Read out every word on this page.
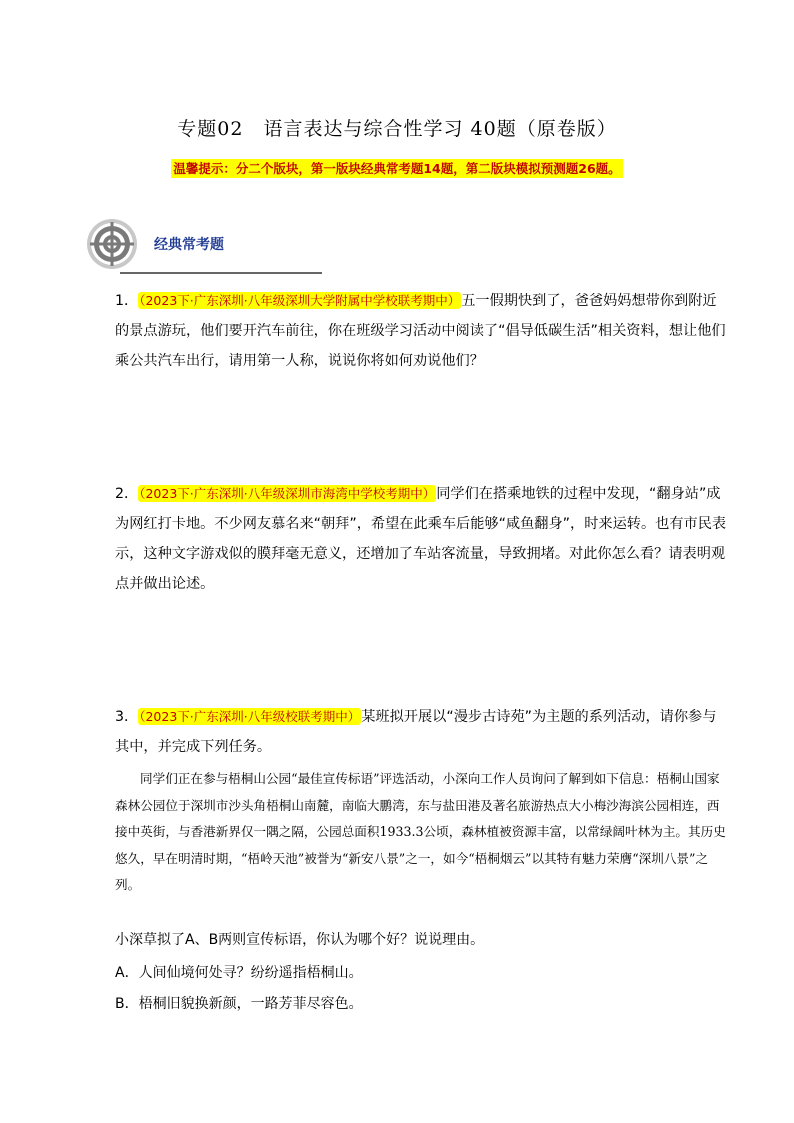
专题02　语言表达与综合性学习 40题（原卷版）
温馨提示：分二个版块，第一版块经典常考题14题，第二版块模拟预测题26题。
经典常考题
1．（2023下·广东深圳·八年级深圳大学附属中学校联考期中）五一假期快到了，爸爸妈妈想带你到附近的景点游玩，他们要开汽车前往，你在班级学习活动中阅读了“倡导低碳生活”相关资料，想让他们乘公共汽车出行，请用第一人称，说说你将如何劝说他们？
2．（2023下·广东深圳·八年级深圳市海湾中学校考期中）同学们在搭乘地铁的过程中发现，“翻身站”成为网红打卡地。不少网友慕名来“朝拜”，希望在此乘车后能够“咸鱼翻身”，时来运转。也有市民表示，这种文字游戏似的膜拜毫无意义，还增加了车站客流量，导致拥堵。对此你怎么看？请表明观点并做出论述。
3．（2023下·广东深圳·八年级校联考期中）某班拟开展以“漫步古诗苑”为主题的系列活动，请你参与其中，并完成下列任务。
同学们正在参与梧桐山公园“最佳宣传标语”评选活动，小深向工作人员询问了解到如下信息：梧桐山国家森林公园位于深圳市沙头角梧桐山南麓，南临大鹏湾，东与盐田港及著名旅游热点大小梅沙海滨公园相连，西接中英街，与香港新界仅一隅之隔，公园总面积1933.3公顷，森林植被资源丰富，以常绿阔叶林为主。其历史悠久，早在明清时期，“梧岭天池”被誉为“新安八景”之一，如今“梧桐烟云”以其特有魅力荣膺“深圳八景”之列。
小深草拟了A、B两则宣传标语，你认为哪个好？说说理由。
A．人间仙境何处寻？纷纷遥指梧桐山。
B．梧桐旧貌换新颜，一路芳菲尽容色。
